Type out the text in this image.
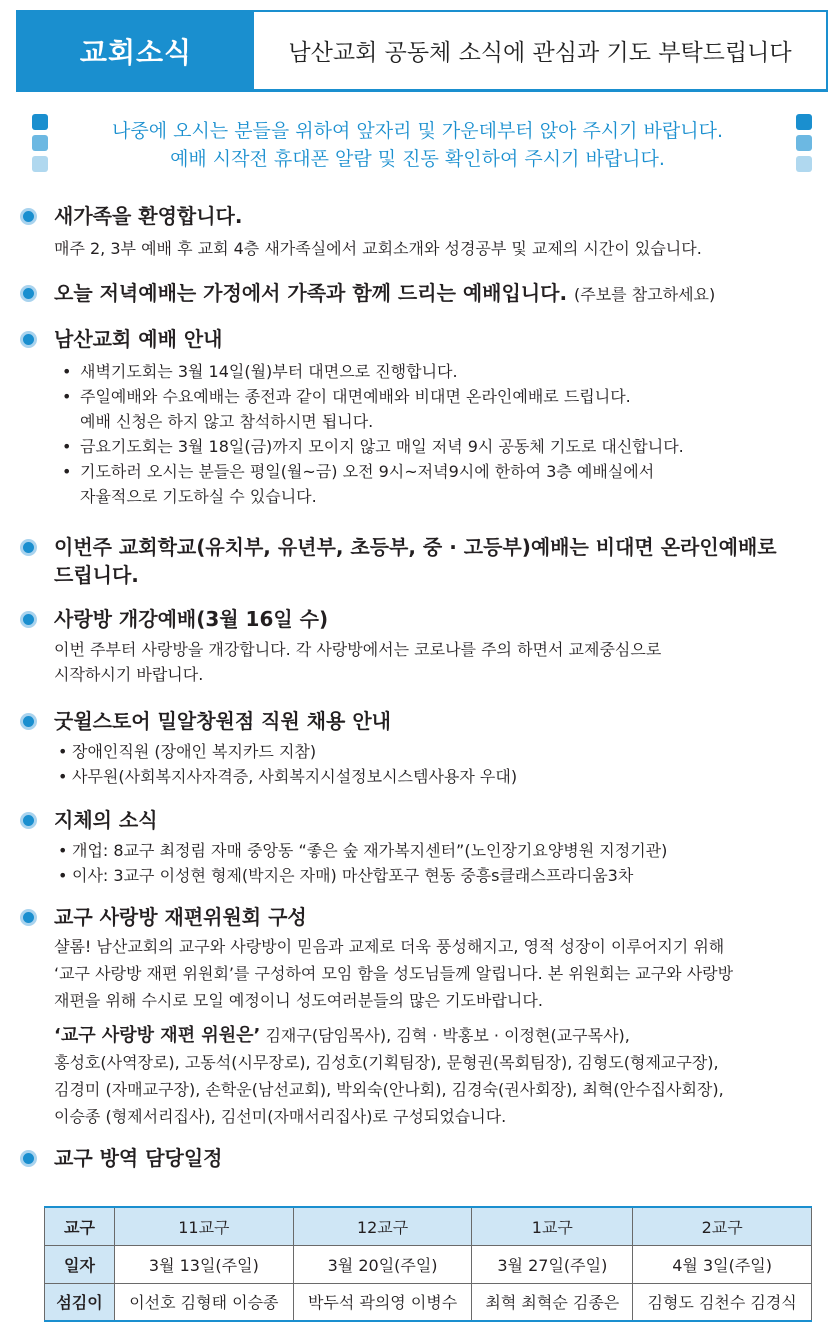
교회소식	남산교회 공동체 소식에 관심과 기도 부탁드립니다
나중에 오시는 분들을 위하여 앞자리 및 가운데부터 앉아 주시기 바랍니다.
예배 시작전 휴대폰 알람 및 진동 확인하여 주시기 바랍니다.
새가족을 환영합니다.
매주 2, 3부 예배 후 교회 4층 새가족실에서 교회소개와 성경공부 및 교제의 시간이 있습니다.
오늘 저녁예배는 가정에서 가족과 함께 드리는 예배입니다. (주보를 참고하세요)
남산교회 예배 안내
• 새벽기도회는 3월 14일(월)부터 대면으로 진행합니다.
• 주일예배와 수요예배는 종전과 같이 대면예배와 비대면 온라인예배로 드립니다.
예배 신청은 하지 않고 참석하시면 됩니다.
• 금요기도회는 3월 18일(금)까지 모이지 않고 매일 저녁 9시 공동체 기도로 대신합니다.
• 기도하러 오시는 분들은 평일(월~금) 오전 9시~저녁9시에 한하여 3층 예배실에서
자율적으로 기도하실 수 있습니다.
이번주 교회학교(유치부, 유년부, 초등부, 중 · 고등부)예배는 비대면 온라인예배로
드립니다.
사랑방 개강예배(3월 16일 수)
이번 주부터 사랑방을 개강합니다. 각 사랑방에서는 코로나를 주의 하면서 교제중심으로
시작하시기 바랍니다.
굿윌스토어 밀알창원점 직원 채용 안내
• 장애인직원 (장애인 복지카드 지참)
• 사무원(사회복지사자격증, 사회복지시설정보시스템사용자 우대)
지체의 소식
• 개업: 8교구 최정림 자매 중앙동 “좋은 숲 재가복지센터”(노인장기요양병원 지정기관)
• 이사: 3교구 이성현 형제(박지은 자매) 마산합포구 현동 중흥s클래스프라디움3차
교구 사랑방 재편위원회 구성
샬롬! 남산교회의 교구와 사랑방이 믿음과 교제로 더욱 풍성해지고, 영적 성장이 이루어지기 위해
‘교구 사랑방 재편 위원회’를 구성하여 모임 함을 성도님들께 알립니다. 본 위원회는 교구와 사랑방
재편을 위해 수시로 모일 예정이니 성도여러분들의 많은 기도바랍니다.
‘교구 사랑방 재편 위원은’ 김재구(담임목사), 김혁 · 박홍보 · 이정현(교구목사),
홍성호(사역장로), 고동석(시무장로), 김성호(기획팀장), 문형권(목회팀장), 김형도(형제교구장),
김경미 (자매교구장), 손학운(남선교회), 박외숙(안나회), 김경숙(권사회장), 최혁(안수집사회장),
이승종 (형제서리집사), 김선미(자매서리집사)로 구성되었습니다.
교구 방역 담당일정
교구	11교구	12교구	1교구	2교구
일자	3월 13일(주일)	3월 20일(주일)	3월 27일(주일)	4월 3일(주일)
섬김이	이선호 김형태 이승종	박두석 곽의영 이병수	최혁 최혁순 김종은	김형도 김천수 김경식
